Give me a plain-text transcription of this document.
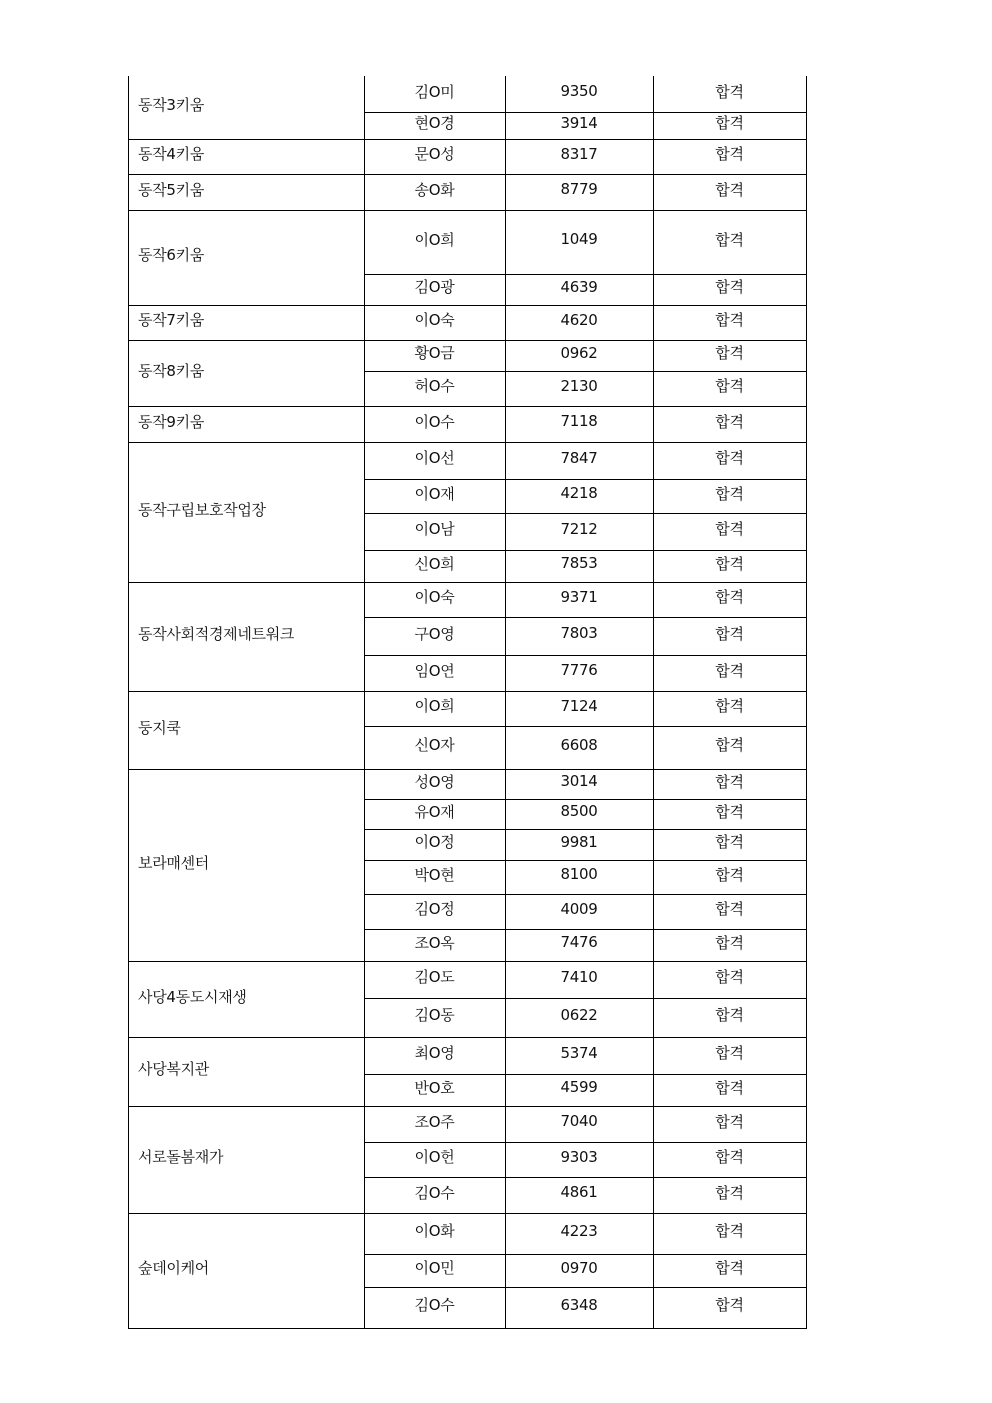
동작3키움
김O미	9350	합격
현O경	3914	합격
동작4키움	문O성	8317	합격
동작5키움	송O화	8779	합격
동작6키움
이O희	1049	합격
김O광	4639	합격
동작7키움	이O숙	4620	합격
동작8키움
황O금	0962	합격
허O수	2130	합격
동작9키움	이O수	7118	합격
동작구립보호작업장
이O선	7847	합격
이O재	4218	합격
이O남	7212	합격
신O희	7853	합격
동작사회적경제네트워크
이O숙	9371	합격
구O영	7803	합격
임O연	7776	합격
둥지쿡
이O희	7124	합격
신O자	6608	합격
보라매센터
성O영	3014	합격
유O재	8500	합격
이O정	9981	합격
박O현	8100	합격
김O정	4009	합격
조O옥	7476	합격
사당4동도시재생
김O도	7410	합격
김O동	0622	합격
사당복지관
최O영	5374	합격
반O호	4599	합격
서로돌봄재가
조O주	7040	합격
이O헌	9303	합격
김O수	4861	합격
숲데이케어
이O화	4223	합격
이O민	0970	합격
김O수	6348	합격
